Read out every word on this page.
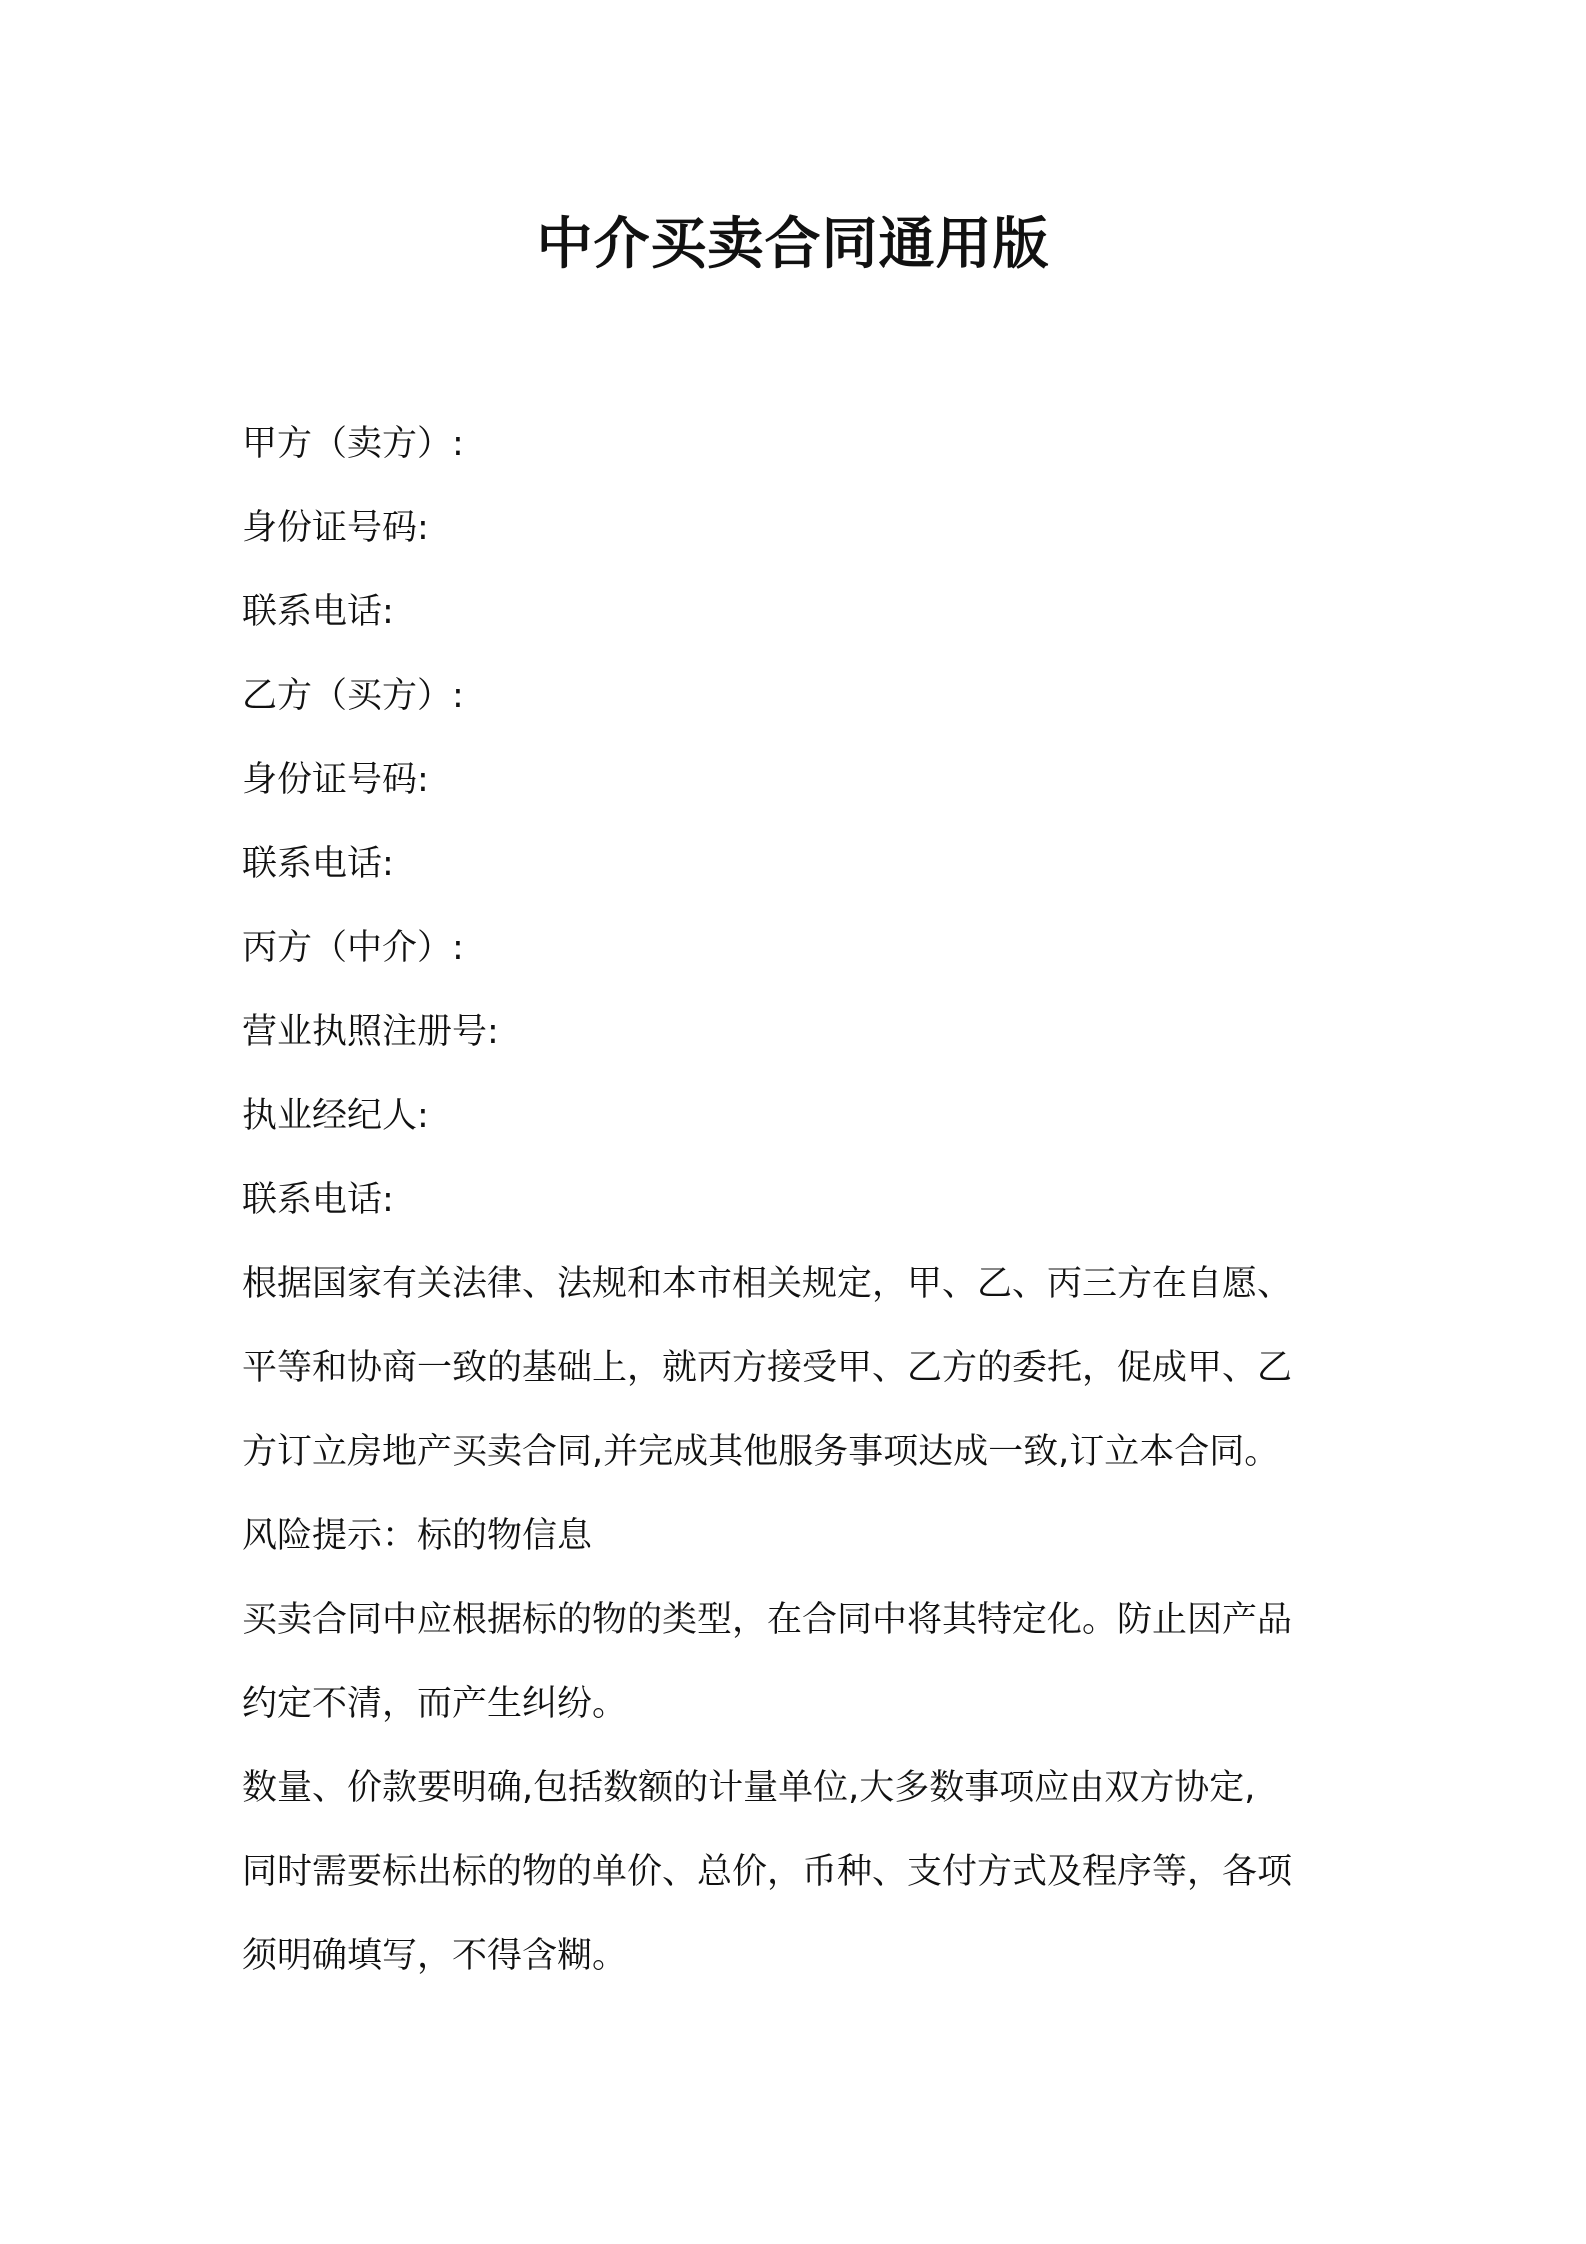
中介买卖合同通用版

甲方（卖方）:

身份证号码:

联系电话:

乙方（买方）:

身份证号码:

联系电话:

丙方（中介）:

营业执照注册号:

执业经纪人:

联系电话:

根据国家有关法律、法规和本市相关规定，甲、乙、丙三方在自愿、

平等和协商一致的基础上，就丙方接受甲、乙方的委托，促成甲、乙

方订立房地产买卖合同,并完成其他服务事项达成一致,订立本合同。

风险提示：标的物信息

买卖合同中应根据标的物的类型，在合同中将其特定化。防止因产品

约定不清，而产生纠纷。

数量、价款要明确,包括数额的计量单位,大多数事项应由双方协定,

同时需要标出标的物的单价、总价，币种、支付方式及程序等，各项

须明确填写，不得含糊。
